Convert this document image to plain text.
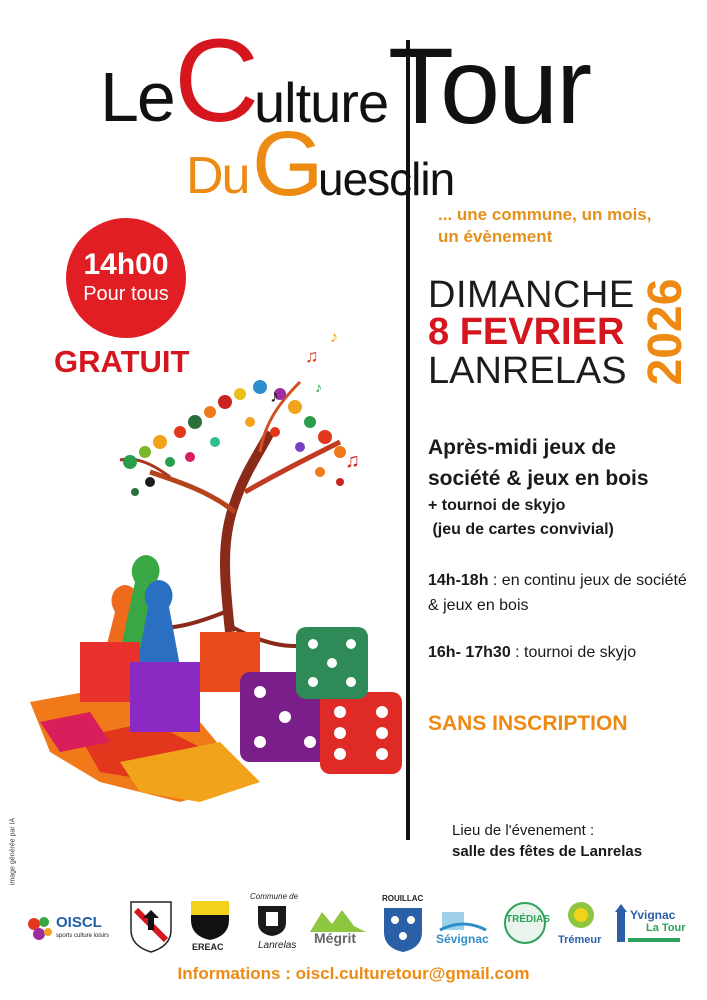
Le C
ulture Tour
Du G
uesclin
... une commune, un mois,
un évènement
♪
♫
♪
♫
♪
14h00
Pour tous
GRATUIT
image générée par IA
DIMANCHE
8 FEVRIER
LANRELAS 2026
Après-midi jeux de
société & jeux en bois
+ tournoi de skyjo
(jeu de cartes convivial)
14h-18h : en continu jeux de société & jeux en bois
16h- 17h30 : tournoi de skyjo
SANS INSCRIPTION
Lieu de l'évenement :
salle des fêtes de Lanrelas
OISCL
sports culture loisirs
EREAC
Commune de
Lanrelas Mégrit
ROUILLAC
Sévignac
TRÉDIAS
Trémeur
Yvignac
La Tour
Informations : oiscl.culturetour@gmail.com
